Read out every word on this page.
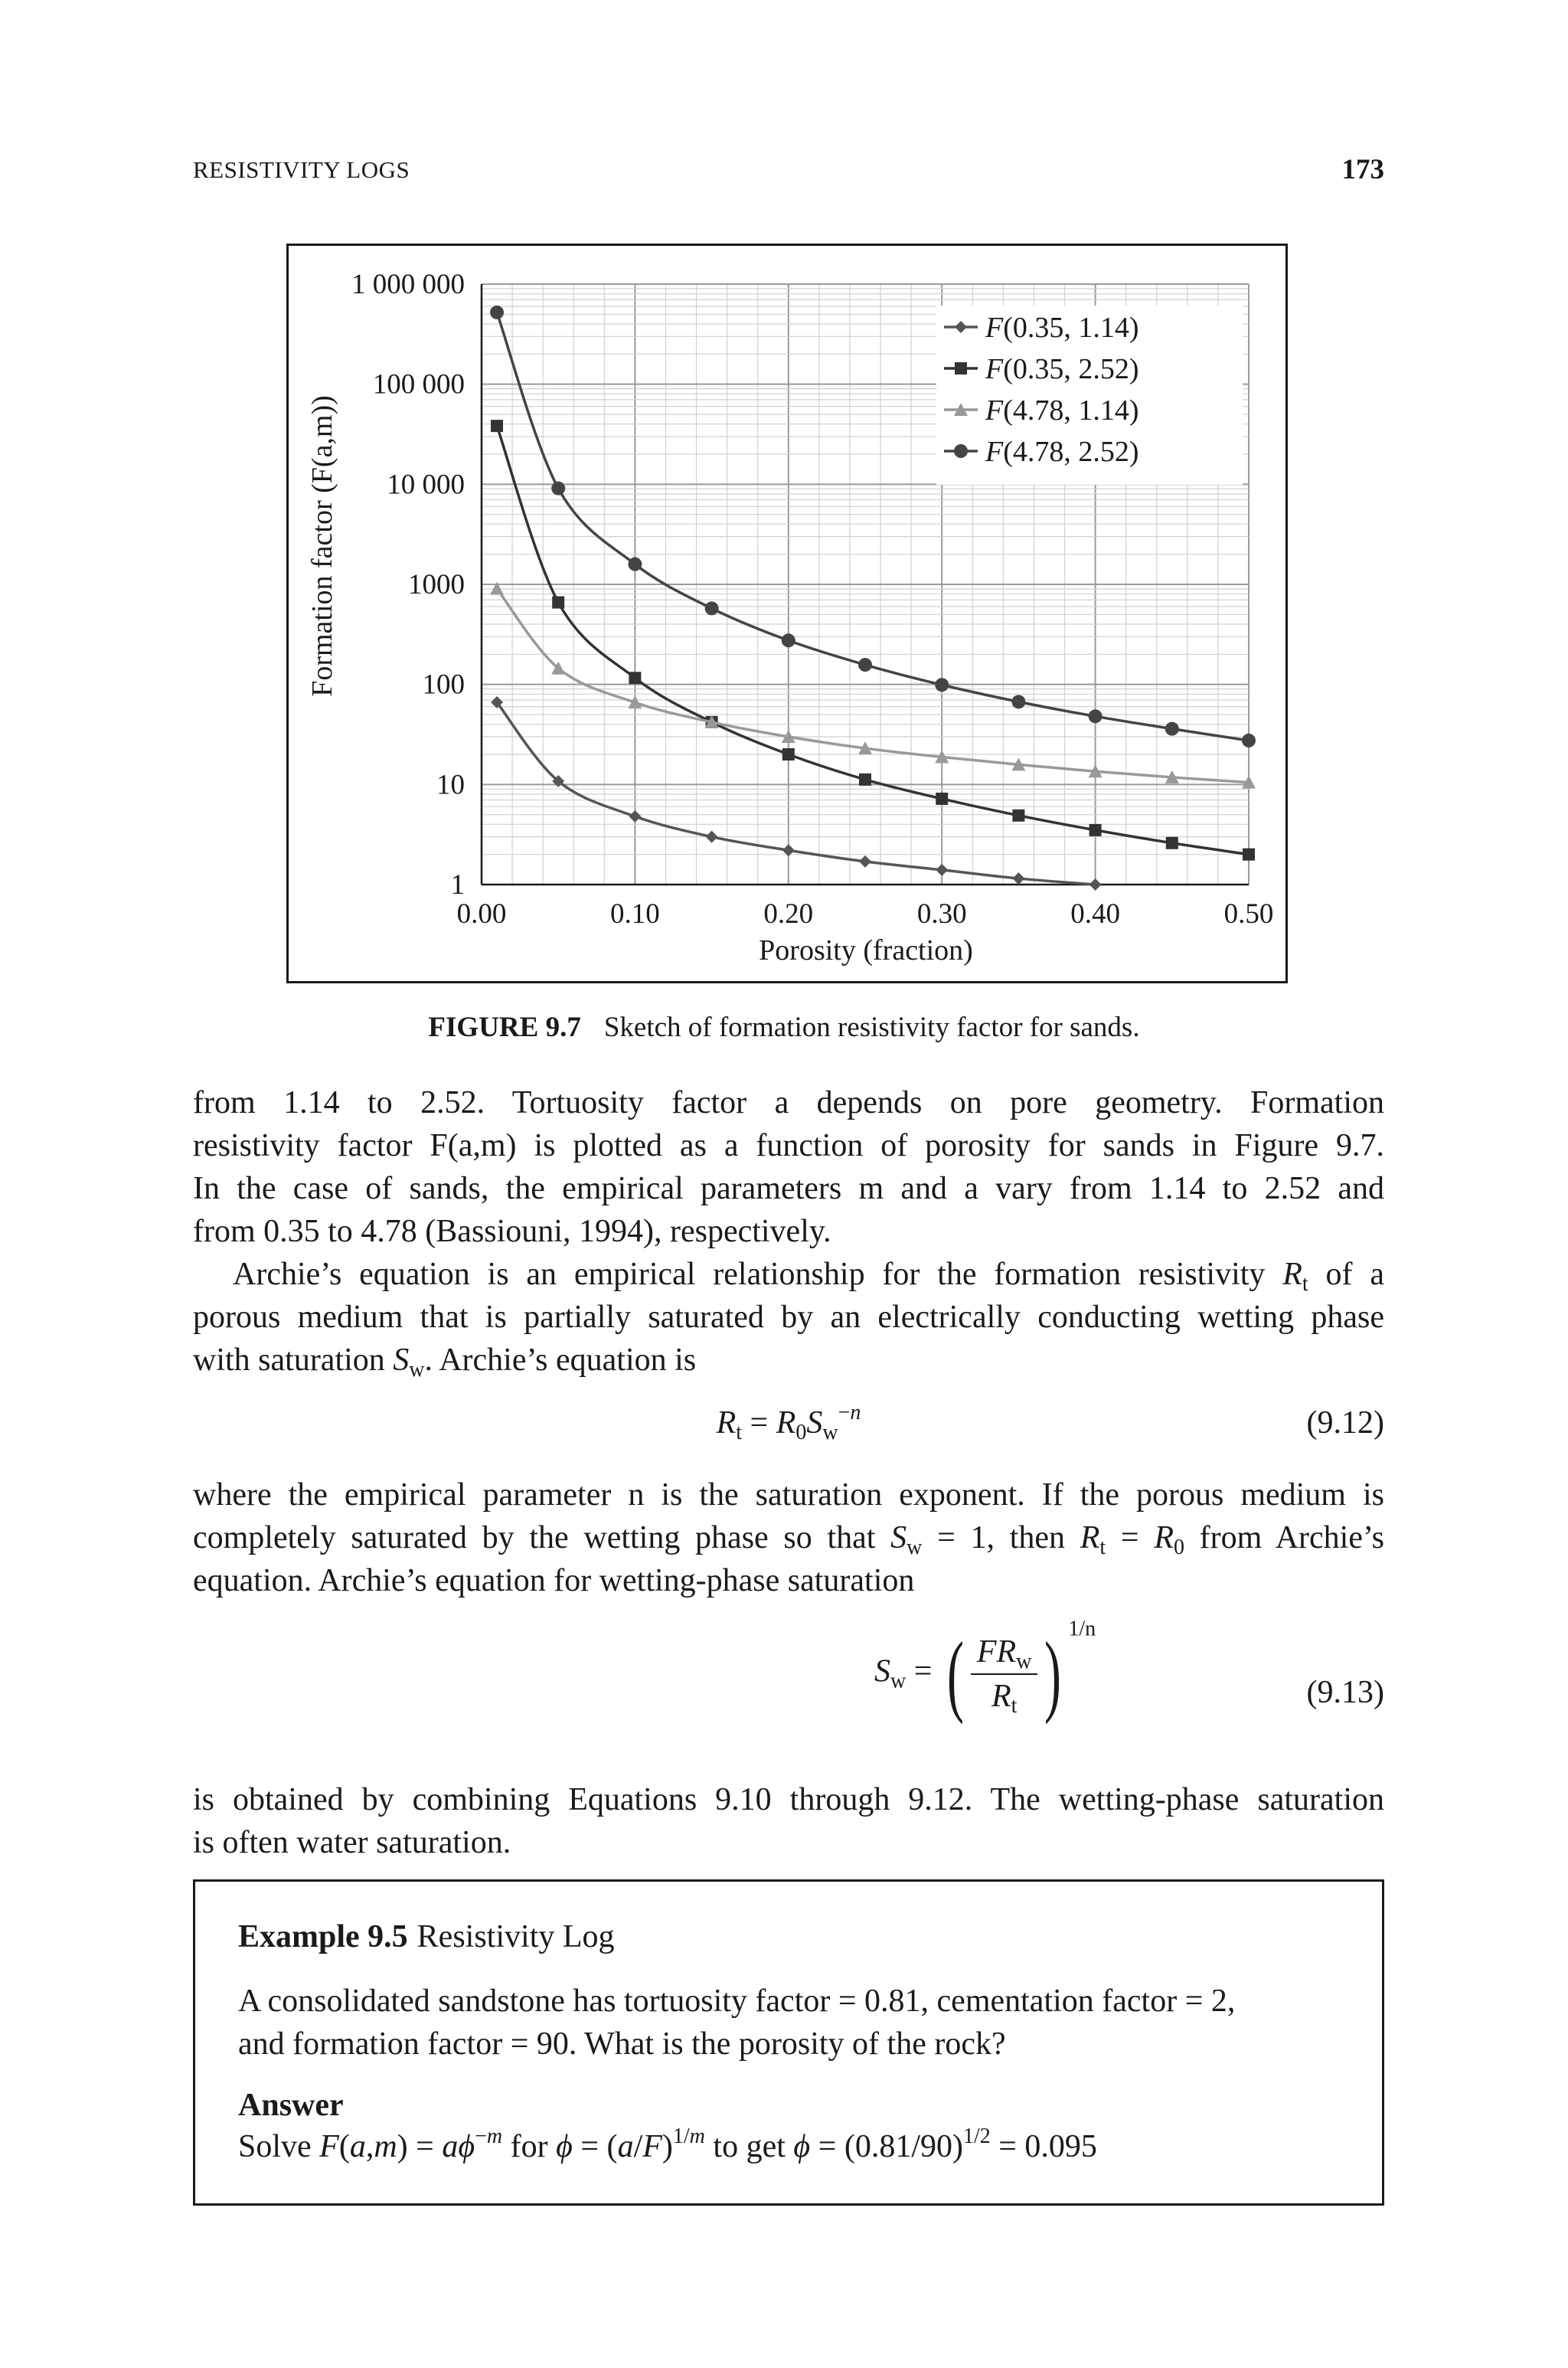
RESISTIVITY LOGS	173
0.00	0.10	0.20	0.30	0.40	0.50
1 000 000
100 000
10 000
1000
100
10
1
F(0.35, 1.14)
F(0.35, 2.52)
F(4.78, 1.14)
F(4.78, 2.52)
Porosity (fraction)
Formation factor (F(a,m))
FIGURE 9.7 Sketch of formation resistivity factor for sands.
from 1.14 to 2.52. Tortuosity factor a depends on pore geometry. Formation
resistivity factor F(a,m) is plotted as a function of porosity for sands in Figure 9.7.
In the case of sands, the empirical parameters m and a vary from 1.14 to 2.52 and
from 0.35 to 4.78 (Bassiouni, 1994), respectively.
Archie’s equation is an empirical relationship for the formation resistivity $R_t$ of a
porous medium that is partially saturated by an electrically conducting wetting phase
with saturation $S_w$. Archie’s equation is
$R_t = R_0S_w^{-n}$	(9.12)
where the empirical parameter n is the saturation exponent. If the porous medium is
completely saturated by the wetting phase so that $S_w = 1$, then $R_t = R_0$ from Archie’s
equation. Archie’s equation for wetting-phase saturation
$S_w$ = ( $\frac{FR_w}{R_t}$ ) $^{1/n}$
(9.13)
is obtained by combining Equations 9.10 through 9.12. The wetting-phase saturation
is often water saturation.
Example 9.5 Resistivity Log
A consolidated sandstone has tortuosity factor = 0.81, cementation factor = 2,
and formation factor = 90. What is the porosity of the rock?
Answer
Solve $F(a,m) = a\phi^{-m}$ for $\phi = (a/F)^{1/m}$ to get $\phi = (0.81/90)^{1/2} = 0.095$
